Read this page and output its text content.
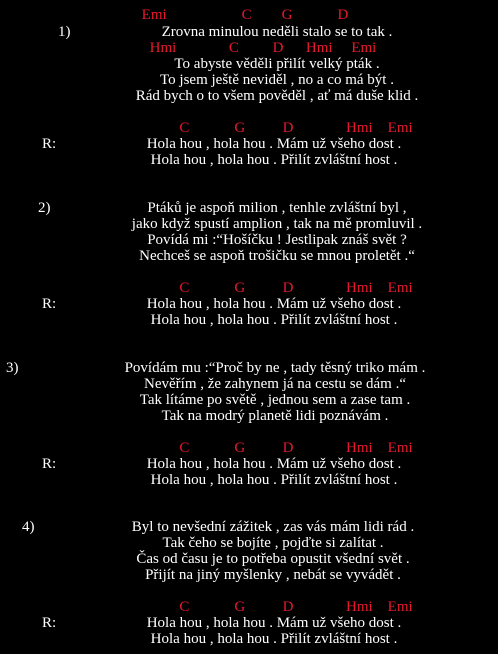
Emi                    C        G            D
1)	Zrovna minulou neděli stalo se to tak .
Hmi              C         D      Hmi     Emi
To abyste věděli přilít velký pták .
To jsem ještě neviděl , no a co má být .
Rád bych o to všem pověděl , ať má duše klid .
C            G          D              Hmi    Emi
R:	Hola hou , hola hou . Mám už všeho dost .
Hola hou , hola hou . Přilít zvláštní host .
2)	Ptáků je aspoň milion , tenhle zvláštní byl ,
jako když spustí amplion , tak na mě promluvil .
Povídá mi :“Hošíčku ! Jestlipak znáš svět ?
Nechceš se aspoň trošičku se mnou proletět .“
C            G          D              Hmi    Emi
R:	Hola hou , hola hou . Mám už všeho dost .
Hola hou , hola hou . Přilít zvláštní host .
3)	Povídám mu :“Proč by ne , tady těsný triko mám .
Nevěřím , že zahynem já na cestu se dám .“
Tak lítáme po světě , jednou sem a zase tam .
Tak na modrý planetě lidi poznávám .
C            G          D              Hmi    Emi
R:	Hola hou , hola hou . Mám už všeho dost .
Hola hou , hola hou . Přilít zvláštní host .
4)	Byl to nevšední zážitek , zas vás mám lidi rád .
Tak čeho se bojíte , pojďte si zalítat .
Čas od času je to potřeba opustit všední svět .
Přijít na jiný myšlenky , nebát se vyvádět .
C            G          D              Hmi    Emi
R:	Hola hou , hola hou . Mám už všeho dost .
Hola hou , hola hou . Přilít zvláštní host .
